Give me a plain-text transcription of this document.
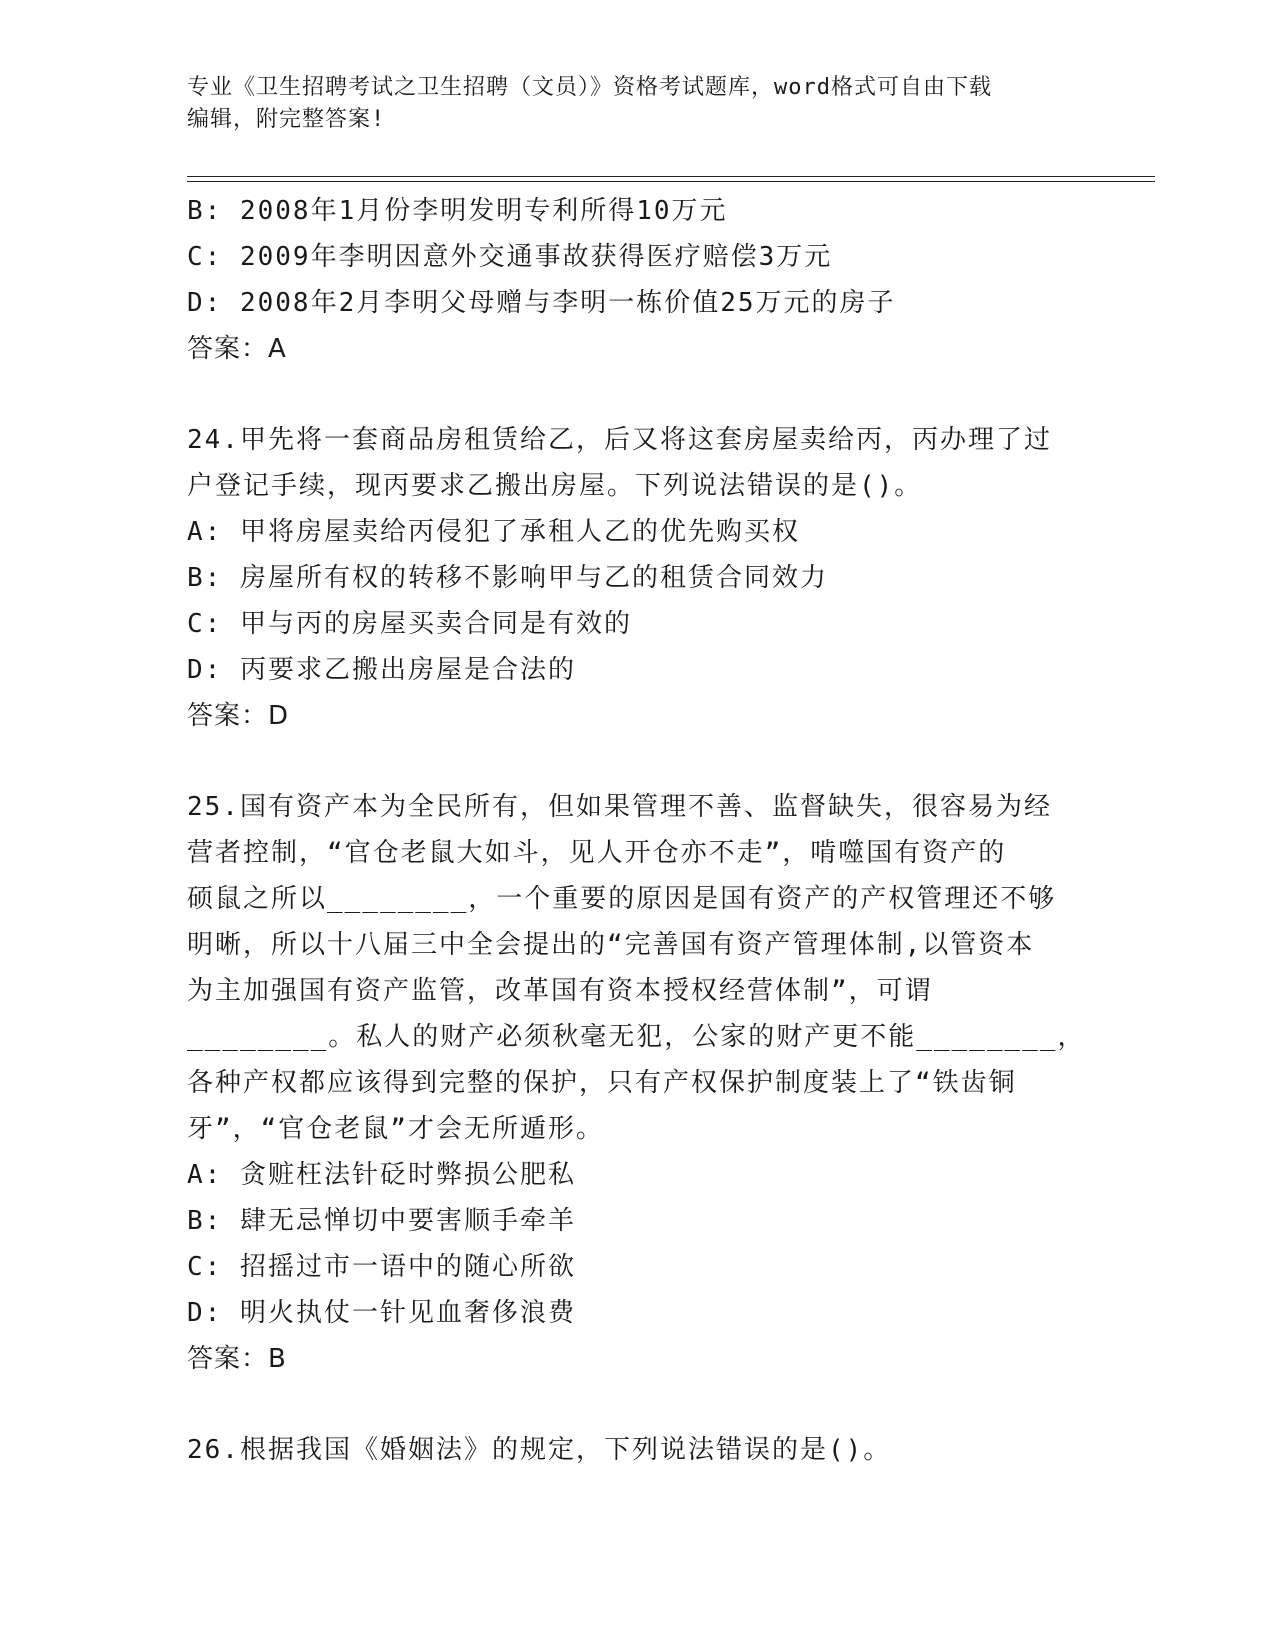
专业《卫生招聘考试之卫生招聘（文员）》资格考试题库，word格式可自由下载
编辑，附完整答案!
B: 2008年1月份李明发明专利所得10万元
C: 2009年李明因意外交通事故获得医疗赔偿3万元
D: 2008年2月李明父母赠与李明一栋价值25万元的房子
答案：A
24.甲先将一套商品房租赁给乙，后又将这套房屋卖给丙，丙办理了过
户登记手续，现丙要求乙搬出房屋。下列说法错误的是()。
A: 甲将房屋卖给丙侵犯了承租人乙的优先购买权
B: 房屋所有权的转移不影响甲与乙的租赁合同效力
C: 甲与丙的房屋买卖合同是有效的
D: 丙要求乙搬出房屋是合法的
答案：D
25.国有资产本为全民所有，但如果管理不善、监督缺失，很容易为经
营者控制，“官仓老鼠大如斗，见人开仓亦不走”，啃噬国有资产的
硕鼠之所以________，一个重要的原因是国有资产的产权管理还不够
明晰，所以十八届三中全会提出的“完善国有资产管理体制,以管资本
为主加强国有资产监管，改革国有资本授权经营体制”，可谓
________。私人的财产必须秋毫无犯，公家的财产更不能________，
各种产权都应该得到完整的保护，只有产权保护制度装上了“铁齿铜
牙”，“官仓老鼠”才会无所遁形。
A: 贪赃枉法针砭时弊损公肥私
B: 肆无忌惮切中要害顺手牵羊
C: 招摇过市一语中的随心所欲
D: 明火执仗一针见血奢侈浪费
答案：B
26.根据我国《婚姻法》的规定，下列说法错误的是()。
